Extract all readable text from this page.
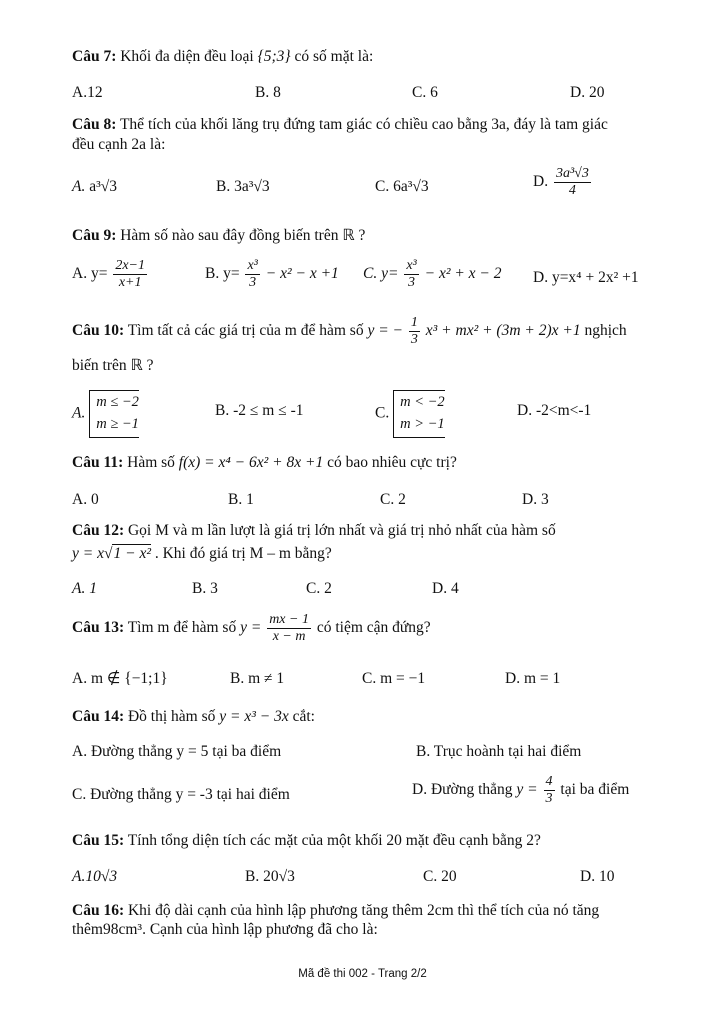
Câu 7: Khối đa diện đều loại {5;3} có số mặt là:
A.12	B. 8	C. 6	D. 20
Câu 8: Thể tích của khối lăng trụ đứng tam giác có chiều cao bằng 3a, đáy là tam giác
đều cạnh 2a là:
A. a³√3	B. 3a³√3	C. 6a³√3	D. $\frac{\text{3a³√3}}{4}$
Câu 9: Hàm số nào sau đây đồng biến trên ℝ ?
A. $y= \frac{2x-1}{x+1}$	B. $y= \frac{\text{x³}}{3} - x^2 - x +1$ C. $y= \frac{\text{x³}}{3} - x^2 + x - 2$ D. y=x⁴ + 2x² +1
Câu 10: Tìm tất cả các giá trị của m để hàm số y = − $\frac{1}{3} x^3 + mx^2 + (3m + 2)x +1$ nghịch
biến trên ℝ ?
A.
m ≤ −2
m ≥ −1
B. -2 ≤ m ≤ -1	C.
m < −2
m > −1
D. -2<m<-1
Câu 11: Hàm số f(x) = x⁴ − 6x² + 8x +1 có bao nhiêu cực trị?
A. 0	B. 1	C. 2	D. 3
Câu 12: Gọi M và m lần lượt là giá trị lớn nhất và giá trị nhỏ nhất của hàm số
y = x√1 − x² . Khi đó giá trị M – m bằng?
A. 1	B. 3	C. 2	D. 4
Câu 13: Tìm m để hàm số $y = \frac{mx - 1}{x - m}$ có tiệm cận đứng?
A. m ∉ {−1;1}	B. m ≠ 1	C. m = −1	D. m = 1
Câu 14: Đồ thị hàm số y = x³ − 3x cắt:
A. Đường thẳng y = 5 tại ba điểm	B. Trục hoành tại hai điểm
C. Đường thẳng y = -3 tại hai điểm	D. Đường thẳng $y = \frac{4}{3}$ tại ba điểm
Câu 15: Tính tổng diện tích các mặt của một khối 20 mặt đều cạnh bằng 2?
A.10√3	B. 20√3	C. 20	D. 10
Câu 16: Khi độ dài cạnh của hình lập phương tăng thêm 2cm thì thể tích của nó tăng
thêm98cm³. Cạnh của hình lập phương đã cho là:
Mã đề thi 002 - Trang 2/2
